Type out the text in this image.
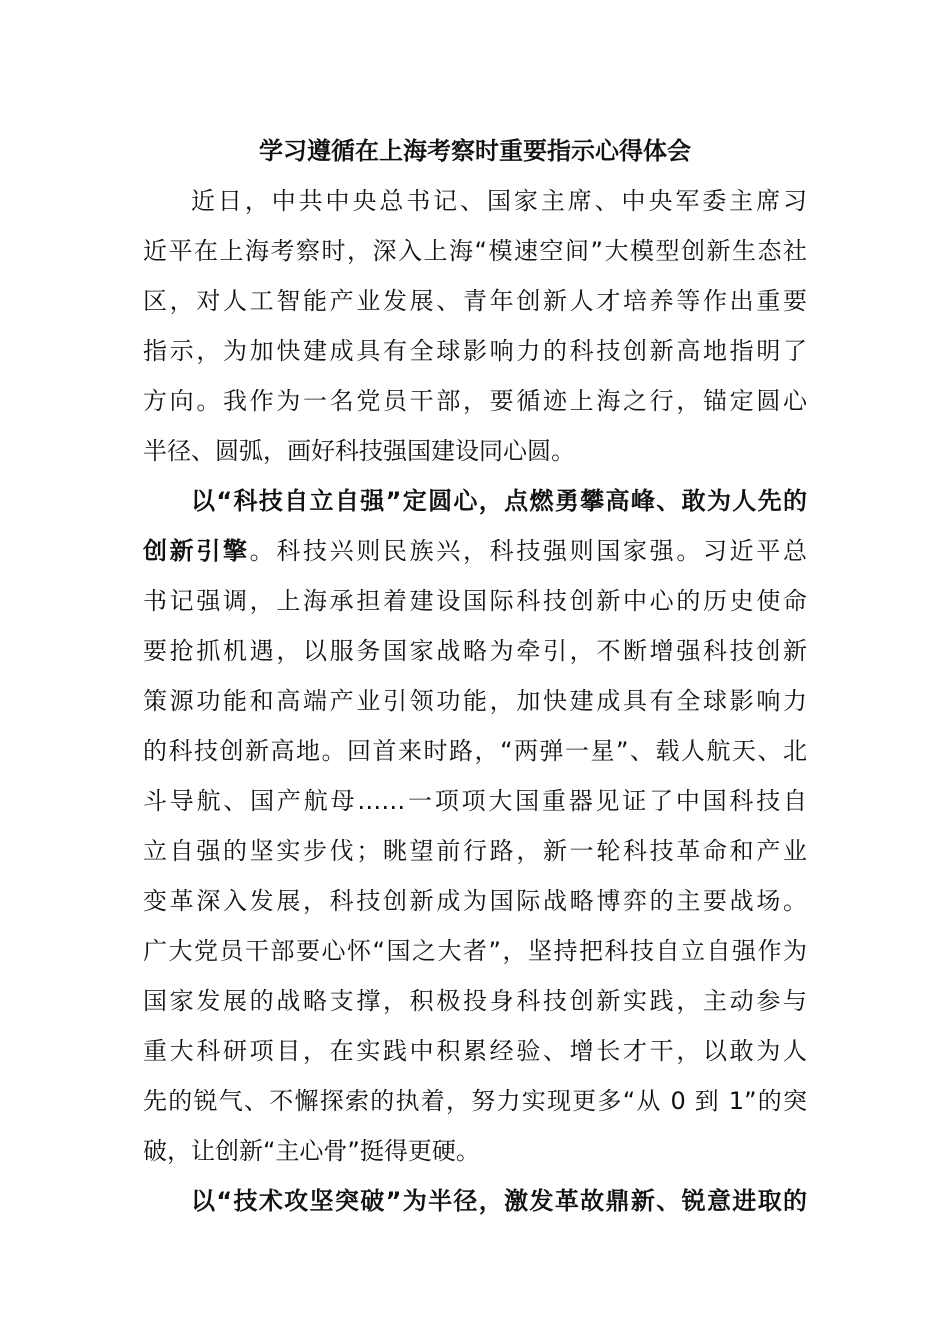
学习遵循在上海考察时重要指示心得体会
近日，中共中央总书记、国家主席、中央军委主席习
近平在上海考察时，深入上海“模速空间”大模型创新生态社
区，对人工智能产业发展、青年创新人才培养等作出重要
指示，为加快建成具有全球影响力的科技创新高地指明了
方向。我作为一名党员干部，要循迹上海之行，锚定圆心
半径、圆弧，画好科技强国建设同心圆。
以“科技自立自强”定圆心，点燃勇攀高峰、敢为人先的
创新引擎。科技兴则民族兴，科技强则国家强。习近平总
书记强调，上海承担着建设国际科技创新中心的历史使命
要抢抓机遇，以服务国家战略为牵引，不断增强科技创新
策源功能和高端产业引领功能，加快建成具有全球影响力
的科技创新高地。回首来时路，“两弹一星”、载人航天、北
斗导航、国产航母……一项项大国重器见证了中国科技自
立自强的坚实步伐；眺望前行路，新一轮科技革命和产业
变革深入发展，科技创新成为国际战略博弈的主要战场。
广大党员干部要心怀“国之大者”，坚持把科技自立自强作为
国家发展的战略支撑，积极投身科技创新实践，主动参与
重大科研项目，在实践中积累经验、增长才干，以敢为人
先的锐气、不懈探索的执着，努力实现更多“从 0 到 1”的突
破，让创新“主心骨”挺得更硬。
以“技术攻坚突破”为半径，激发革故鼎新、锐意进取的
